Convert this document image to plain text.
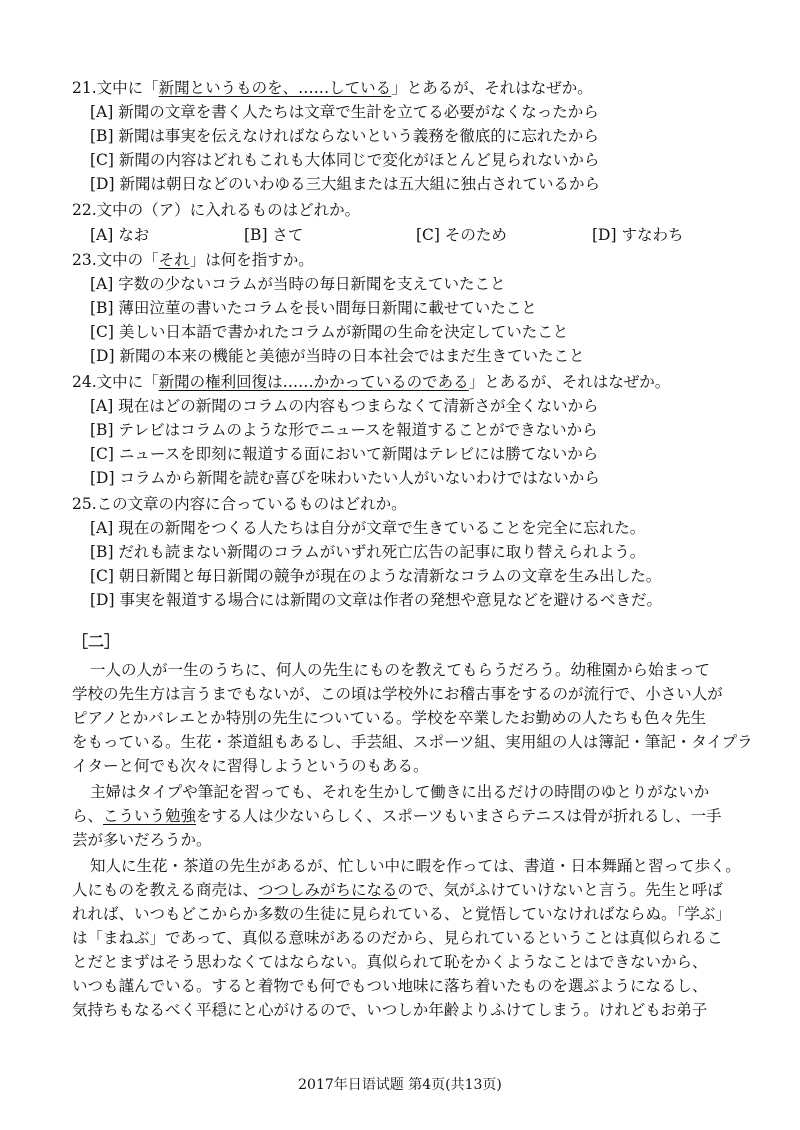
21.文中に「新聞というものを、……している」とあるが、それはなぜか。
[A] 新聞の文章を書く人たちは文章で生計を立てる必要がなくなったから
[B] 新聞は事実を伝えなければならないという義務を徹底的に忘れたから
[C] 新聞の内容はどれもこれも大体同じで変化がほとんど見られないから
[D] 新聞は朝日などのいわゆる三大組または五大組に独占されているから
22.文中の（ア）に入れるものはどれか。
[A] なお	[B] さて	[C] そのため	[D] すなわち
23.文中の「それ」は何を指すか。
[A] 字数の少ないコラムが当時の毎日新聞を支えていたこと
[B] 薄田泣菫の書いたコラムを長い間毎日新聞に載せていたこと
[C] 美しい日本語で書かれたコラムが新聞の生命を決定していたこと
[D] 新聞の本来の機能と美徳が当時の日本社会ではまだ生きていたこと
24.文中に「新聞の権利回復は……かかっているのである」とあるが、それはなぜか。
[A] 現在はどの新聞のコラムの内容もつまらなくて清新さが全くないから
[B] テレビはコラムのような形でニュースを報道することができないから
[C] ニュースを即刻に報道する面において新聞はテレビには勝てないから
[D] コラムから新聞を読む喜びを味わいたい人がいないわけではないから
25.この文章の内容に合っているものはどれか。
[A] 現在の新聞をつくる人たちは自分が文章で生きていることを完全に忘れた。
[B] だれも読まない新聞のコラムがいずれ死亡広告の記事に取り替えられよう。
[C] 朝日新聞と毎日新聞の競争が現在のような清新なコラムの文章を生み出した。
[D] 事実を報道する場合には新聞の文章は作者の発想や意見などを避けるべきだ。
［二］
一人の人が一生のうちに、何人の先生にものを教えてもらうだろう。幼稚園から始まって
学校の先生方は言うまでもないが、この頃は学校外にお稽古事をするのが流行で、小さい人が
ピアノとかバレエとか特別の先生についている。学校を卒業したお勤めの人たちも色々先生
をもっている。生花・茶道組もあるし、手芸組、スポーツ組、実用組の人は簿記・筆記・タイプラ
イターと何でも次々に習得しようというのもある。
主婦はタイプや筆記を習っても、それを生かして働きに出るだけの時間のゆとりがないか
ら、こういう勉強をする人は少ないらしく、スポーツもいまさらテニスは骨が折れるし、一手
芸が多いだろうか。
知人に生花・茶道の先生があるが、忙しい中に暇を作っては、書道・日本舞踊と習って歩く。
人にものを教える商売は、つつしみがちになるので、気がふけていけないと言う。先生と呼ば
れれば、いつもどこからか多数の生徒に見られている、と覚悟していなければならぬ。「学ぶ」
は「まねぶ」であって、真似る意味があるのだから、見られているということは真似られるこ
とだとまずはそう思わなくてはならない。真似られて恥をかくようなことはできないから、
いつも謹んでいる。すると着物でも何でもつい地味に落ち着いたものを選ぶようになるし、
気持ちもなるべく平穏にと心がけるので、いつしか年齢よりふけてしまう。けれどもお弟子
2017年日语试题 第4页(共13页)
